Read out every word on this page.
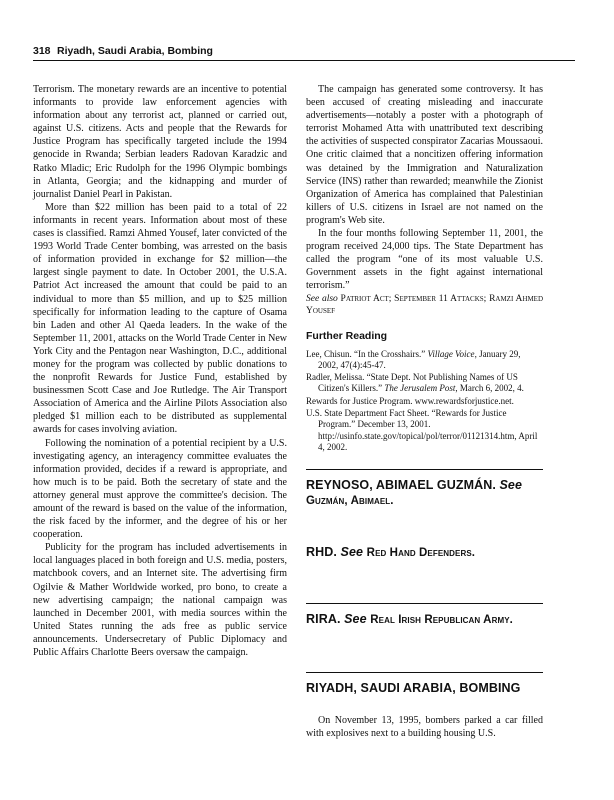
318 Riyadh, Saudi Arabia, Bombing

Terrorism. The monetary rewards are an incentive to potential informants to provide law enforcement agencies with information about any terrorist act, planned or carried out, against U.S. citizens. Acts and people that the Rewards for Justice Program has specifically targeted include the 1994 genocide in Rwanda; Serbian leaders Radovan Karadzic and Ratko Mladic; Eric Rudolph for the 1996 Olympic bombings in Atlanta, Georgia; and the kidnapping and murder of journalist Daniel Pearl in Pakistan.

More than $22 million has been paid to a total of 22 informants in recent years. Information about most of these cases is classified. Ramzi Ahmed Yousef, later convicted of the 1993 World Trade Center bombing, was arrested on the basis of information provided in exchange for $2 million—the largest single payment to date. In October 2001, the U.S.A. Patriot Act increased the amount that could be paid to an individual to more than $5 million, and up to $25 million specifically for information leading to the capture of Osama bin Laden and other Al Qaeda leaders. In the wake of the September 11, 2001, attacks on the World Trade Center in New York City and the Pentagon near Washington, D.C., additional money for the program was collected by public donations to the nonprofit Rewards for Justice Fund, established by businessmen Scott Case and Joe Rutledge. The Air Transport Association of America and the Airline Pilots Association also pledged $1 million each to be distributed as supplemental awards for cases involving aviation.

Following the nomination of a potential recipient by a U.S. investigating agency, an interagency committee evaluates the information provided, decides if a reward is appropriate, and how much is to be paid. Both the secretary of state and the attorney general must approve the committee's decision. The amount of the reward is based on the value of the information, the risk faced by the informer, and the degree of his or her cooperation.

Publicity for the program has included advertisements in local languages placed in both foreign and U.S. media, posters, matchbook covers, and an Internet site. The advertising firm Ogilvie & Mather Worldwide worked, pro bono, to create a new advertising campaign; the national campaign was launched in December 2001, with media sources within the United States running the ads free as public service announcements. Undersecretary of Public Diplomacy and Public Affairs Charlotte Beers oversaw the campaign.

The campaign has generated some controversy. It has been accused of creating misleading and inaccurate advertisements—notably a poster with a photograph of terrorist Mohamed Atta with unattributed text describing the activities of suspected conspirator Zacarias Moussaoui. One critic claimed that a noncitizen offering information was detained by the Immigration and Naturalization Service (INS) rather than rewarded; meanwhile the Zionist Organization of America has complained that Palestinian killers of U.S. citizens in Israel are not named on the program's Web site.

In the four months following September 11, 2001, the program received 24,000 tips. The State Department has called the program “one of its most valuable U.S. Government assets in the fight against international terrorism.”

See also Patriot Act; September 11 Attacks; Ramzi Ahmed Yousef

Further Reading
Lee, Chisun. “In the Crosshairs.” Village Voice, January 29, 2002, 47(4):45-47.
Radler, Melissa. “State Dept. Not Publishing Names of US Citizen's Killers.” The Jerusalem Post, March 6, 2002, 4.
Rewards for Justice Program. www.rewardsforjustice.net.
U.S. State Department Fact Sheet. “Rewards for Justice Program.” December 13, 2001. http://usinfo.state.gov/topical/pol/terror/01121314.htm, April 4, 2002.
REYNOSO, ABIMAEL GUZMÁN. See Guzmán, Abimael.
RHD. See Red Hand Defenders.
RIRA. See Real Irish Republican Army.
RIYADH, SAUDI ARABIA, BOMBING

On November 13, 1995, bombers parked a car filled with explosives next to a building housing U.S.
